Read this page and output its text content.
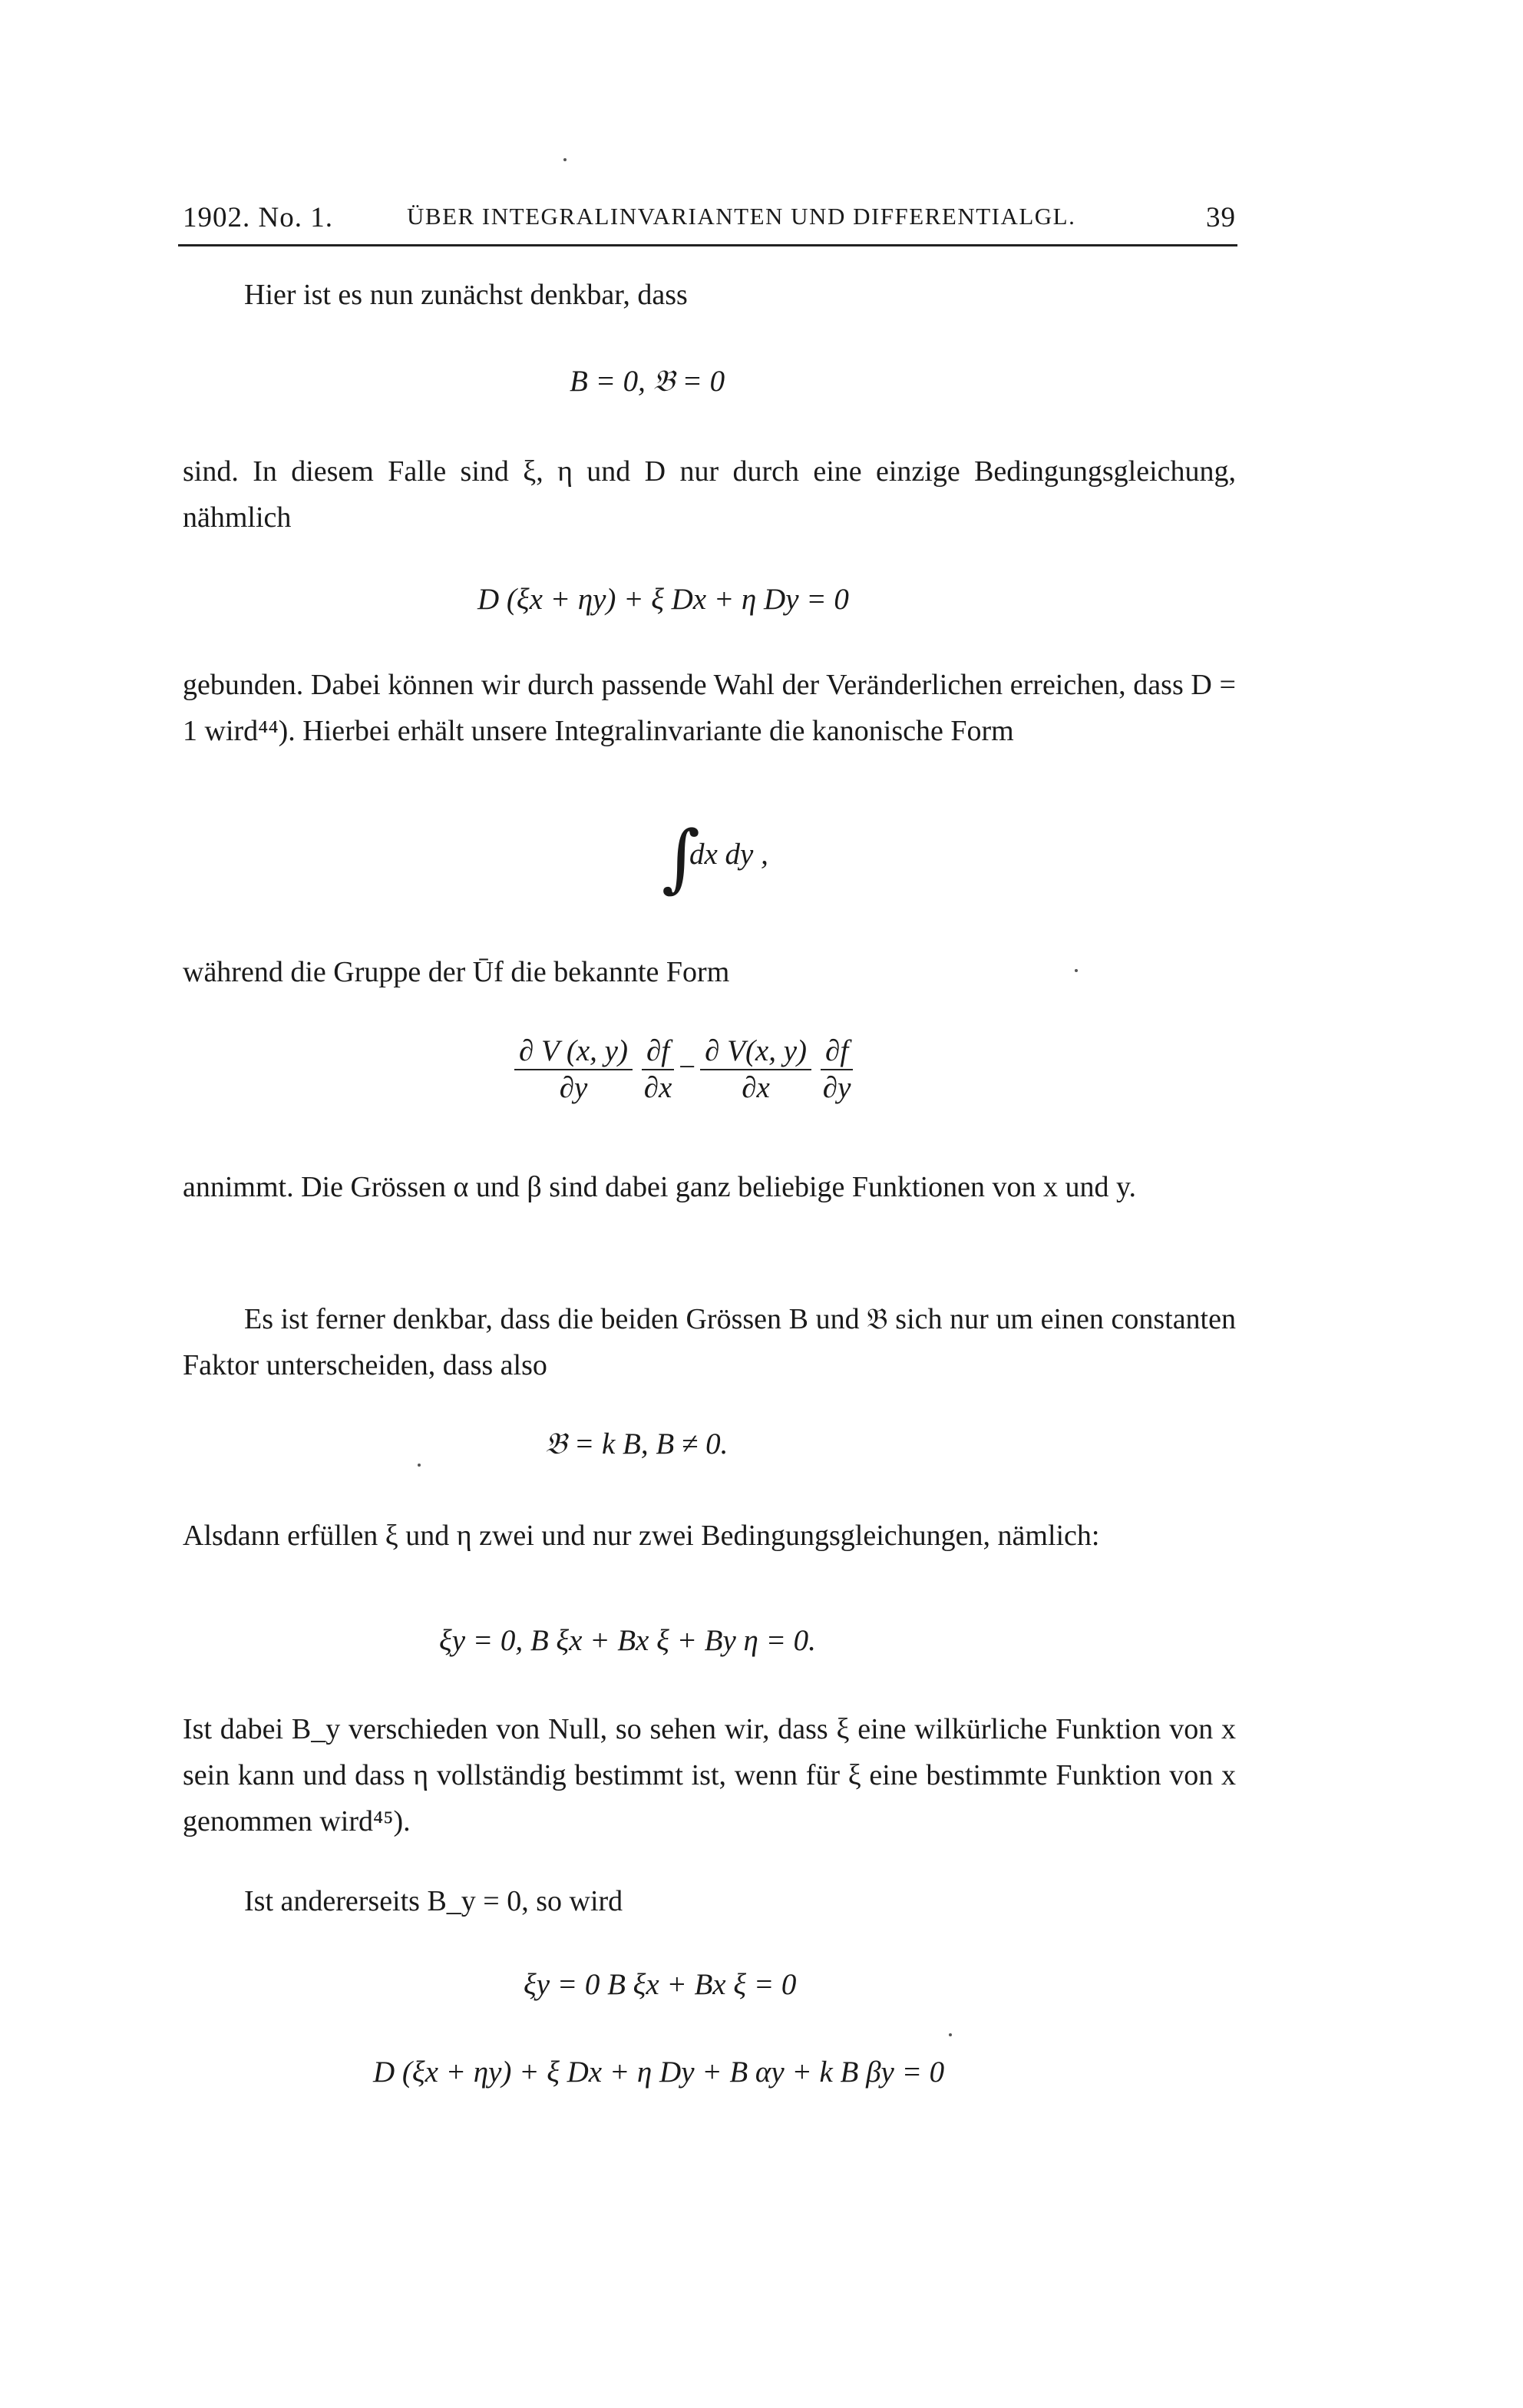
1902. No. 1.	ÜBER INTEGRALINVARIANTEN UND DIFFERENTIALGL.	39
Hier ist es nun zunächst denkbar, dass
B = 0, 𝔅 = 0
sind. In diesem Falle sind ξ, η und D nur durch eine einzige Bedingungsgleichung, nähmlich
D (ξx + ηy) + ξ Dx + η Dy = 0
gebunden. Dabei können wir durch passende Wahl der Veränderlichen erreichen, dass D = 1 wird⁴⁴). Hierbei erhält unsere Integralinvariante die kanonische Form
∫
dx dy ,
während die Gruppe der Ūf die bekannte Form
$\frac{\partial V (x, y)}{\partial y} \frac{\partial f}{\partial x} - \frac{\partial V(x, y)}{\partial x} \frac{\partial f}{\partial y}$
annimmt. Die Grössen α und β sind dabei ganz beliebige Funktionen von x und y.
Es ist ferner denkbar, dass die beiden Grössen B und 𝔅 sich nur um einen constanten Faktor unterscheiden, dass also
𝔅 = k B, B ≠ 0.
Alsdann erfüllen ξ und η zwei und nur zwei Bedingungsgleichungen, nämlich:
ξy = 0, B ξx + Bx ξ + By η = 0.
Ist dabei B_y verschieden von Null, so sehen wir, dass ξ eine wilkürliche Funktion von x sein kann und dass η vollständig bestimmt ist, wenn für ξ eine bestimmte Funktion von x genommen wird⁴⁵).
Ist andererseits B_y = 0, so wird
ξy = 0 B ξx + Bx ξ = 0
D (ξx + ηy) + ξ Dx + η Dy + B αy + k B βy = 0
